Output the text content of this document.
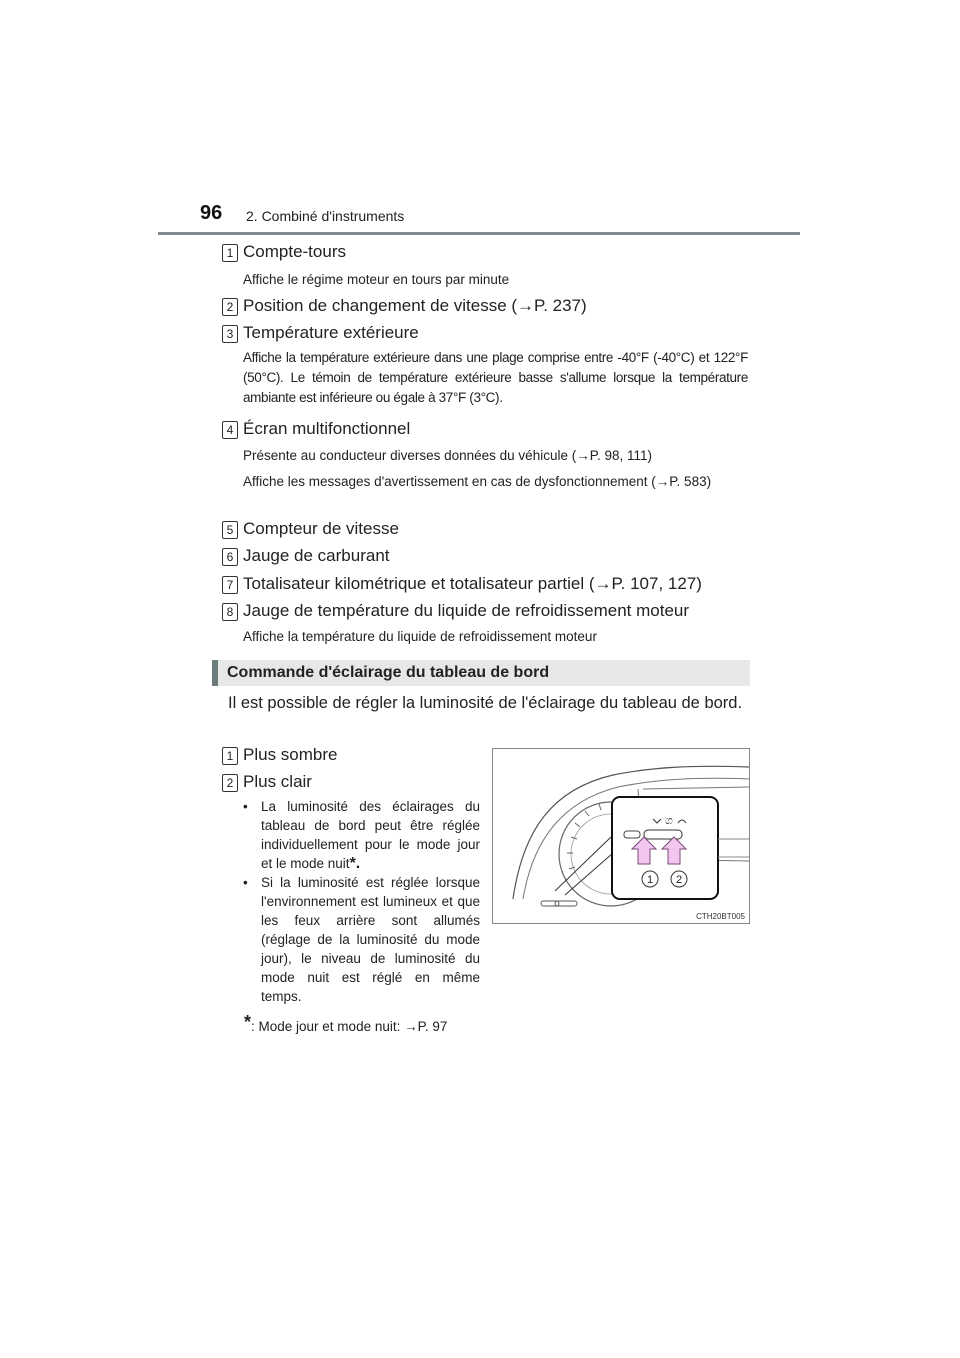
96 2. Combiné d'instruments
1 Compte-tours
Affiche le régime moteur en tours par minute
2 Position de changement de vitesse (→P. 237)
3 Température extérieure
Affiche la température extérieure dans une plage comprise entre -40°F (-40°C) et 122°F (50°C). Le témoin de température extérieure basse s'allume lorsque la température ambiante est inférieure ou égale à 37°F (3°C).
4 Écran multifonctionnel
Présente au conducteur diverses données du véhicule (→P. 98, 111)
Affiche les messages d'avertissement en cas de dysfonctionnement (→P. 583)
5 Compteur de vitesse
6 Jauge de carburant
7 Totalisateur kilométrique et totalisateur partiel (→P. 107, 127)
8 Jauge de température du liquide de refroidissement moteur
Affiche la température du liquide de refroidissement moteur
Commande d'éclairage du tableau de bord
Il est possible de régler la luminosité de l'éclairage du tableau de bord.
1 Plus sombre
2 Plus clair
• La luminosité des éclairages du tableau de bord peut être réglée individuellement pour le mode jour et le mode nuit*.
• Si la luminosité est réglée lorsque l'environnement est lumineux et que les feux arrière sont allumés (réglage de la luminosité du mode jour), le niveau de luminosité du mode nuit est réglé en même temps.
*: Mode jour et mode nuit: →P. 97
ග
1 2
CTH20BT005
